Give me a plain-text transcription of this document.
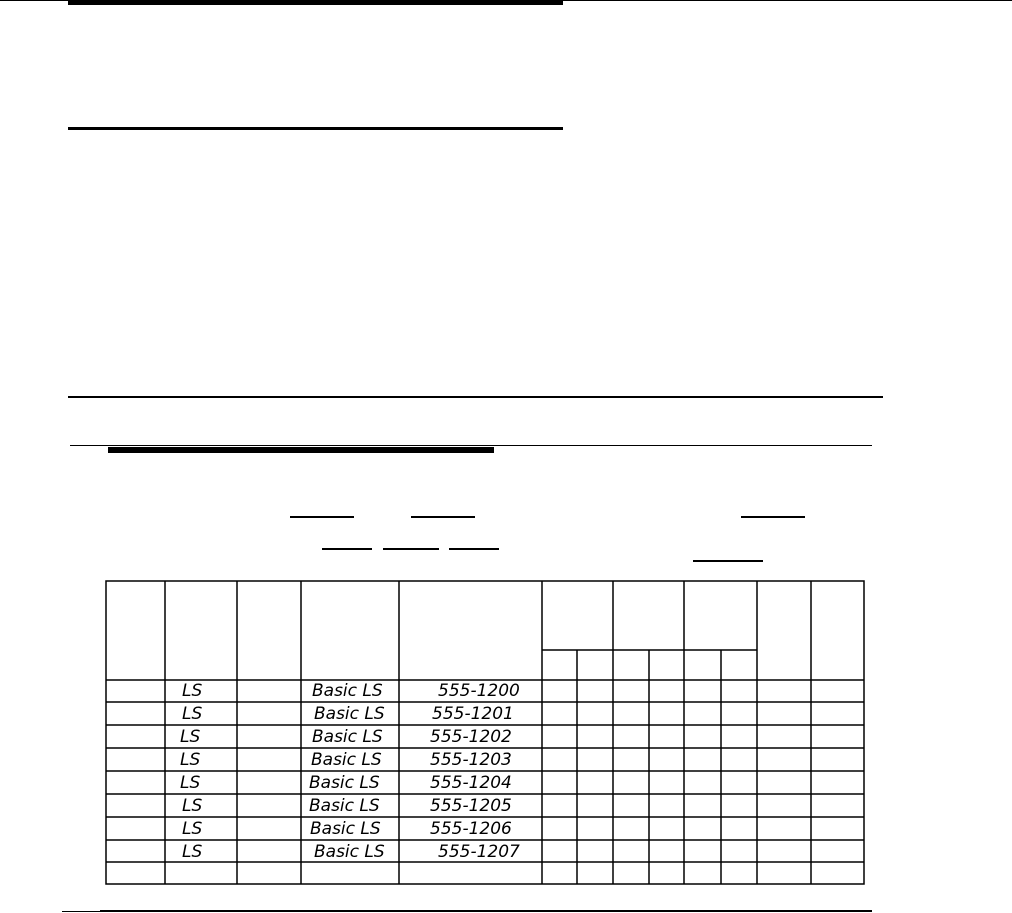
LS	Basic LS	555-1200
LS	Basic LS	555-1201
LS	Basic LS	555-1202
LS	Basic LS	555-1203
LS	Basic LS	555-1204
LS	Basic LS	555-1205
LS	Basic LS	555-1206
LS	Basic LS	555-1207
